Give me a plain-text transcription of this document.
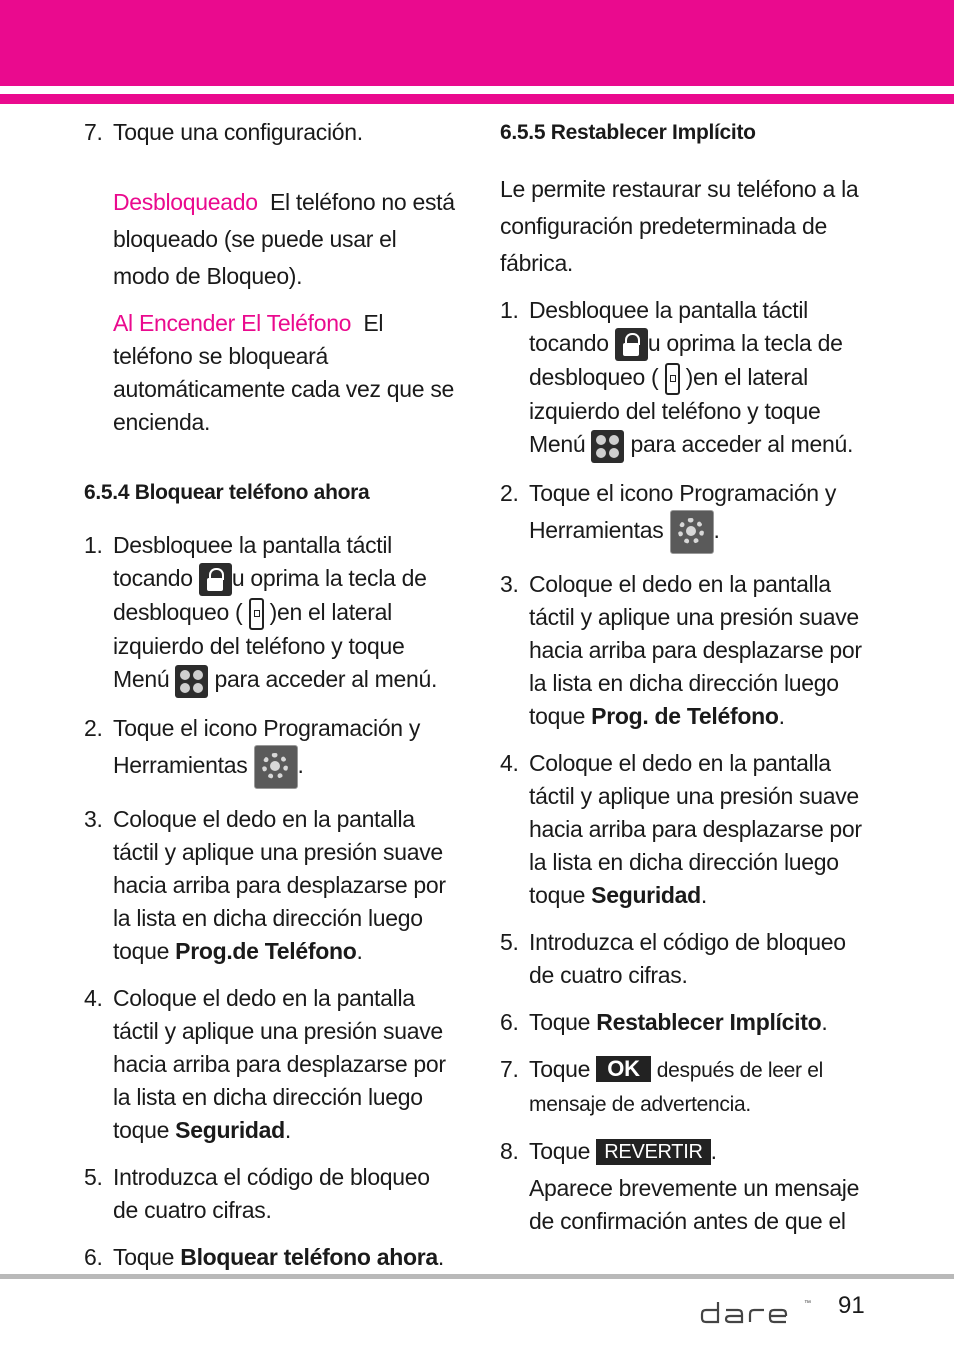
7. Toque una configuración.
Desbloqueado El teléfono no está bloqueado (se puede usar el modo de Bloqueo).
Al Encender El Teléfono El teléfono se bloqueará automáticamente cada vez que se encienda.

6.5.4 Bloquear teléfono ahora

1. Desbloquee la pantalla táctil tocando u oprima la tecla de desbloqueo ( )en el lateral izquierdo del teléfono y toque Menú para acceder al menú.
2. Toque el icono Programación y Herramientas .
3. Coloque el dedo en la pantalla táctil y aplique una presión suave hacia arriba para desplazarse por la lista en dicha dirección luego toque Prog.de Teléfono.
4. Coloque el dedo en la pantalla táctil y aplique una presión suave hacia arriba para desplazarse por la lista en dicha dirección luego toque Seguridad.
5. Introduzca el código de bloqueo de cuatro cifras.
6. Toque Bloquear teléfono ahora.

6.5.5 Restablecer Implícito

Le permite restaurar su teléfono a la configuración predeterminada de fábrica.

1. Desbloquee la pantalla táctil tocando u oprima la tecla de desbloqueo ( )en el lateral izquierdo del teléfono y toque Menú para acceder al menú.
2. Toque el icono Programación y Herramientas .
3. Coloque el dedo en la pantalla táctil y aplique una presión suave hacia arriba para desplazarse por la lista en dicha dirección luego toque Prog. de Teléfono.
4. Coloque el dedo en la pantalla táctil y aplique una presión suave hacia arriba para desplazarse por la lista en dicha dirección luego toque Seguridad.
5. Introduzca el código de bloqueo de cuatro cifras.
6. Toque Restablecer Implícito.
7. Toque OK después de leer el mensaje de advertencia.
8. Toque REVERTIR .
Aparece brevemente un mensaje de confirmación antes de que el
™ 91
